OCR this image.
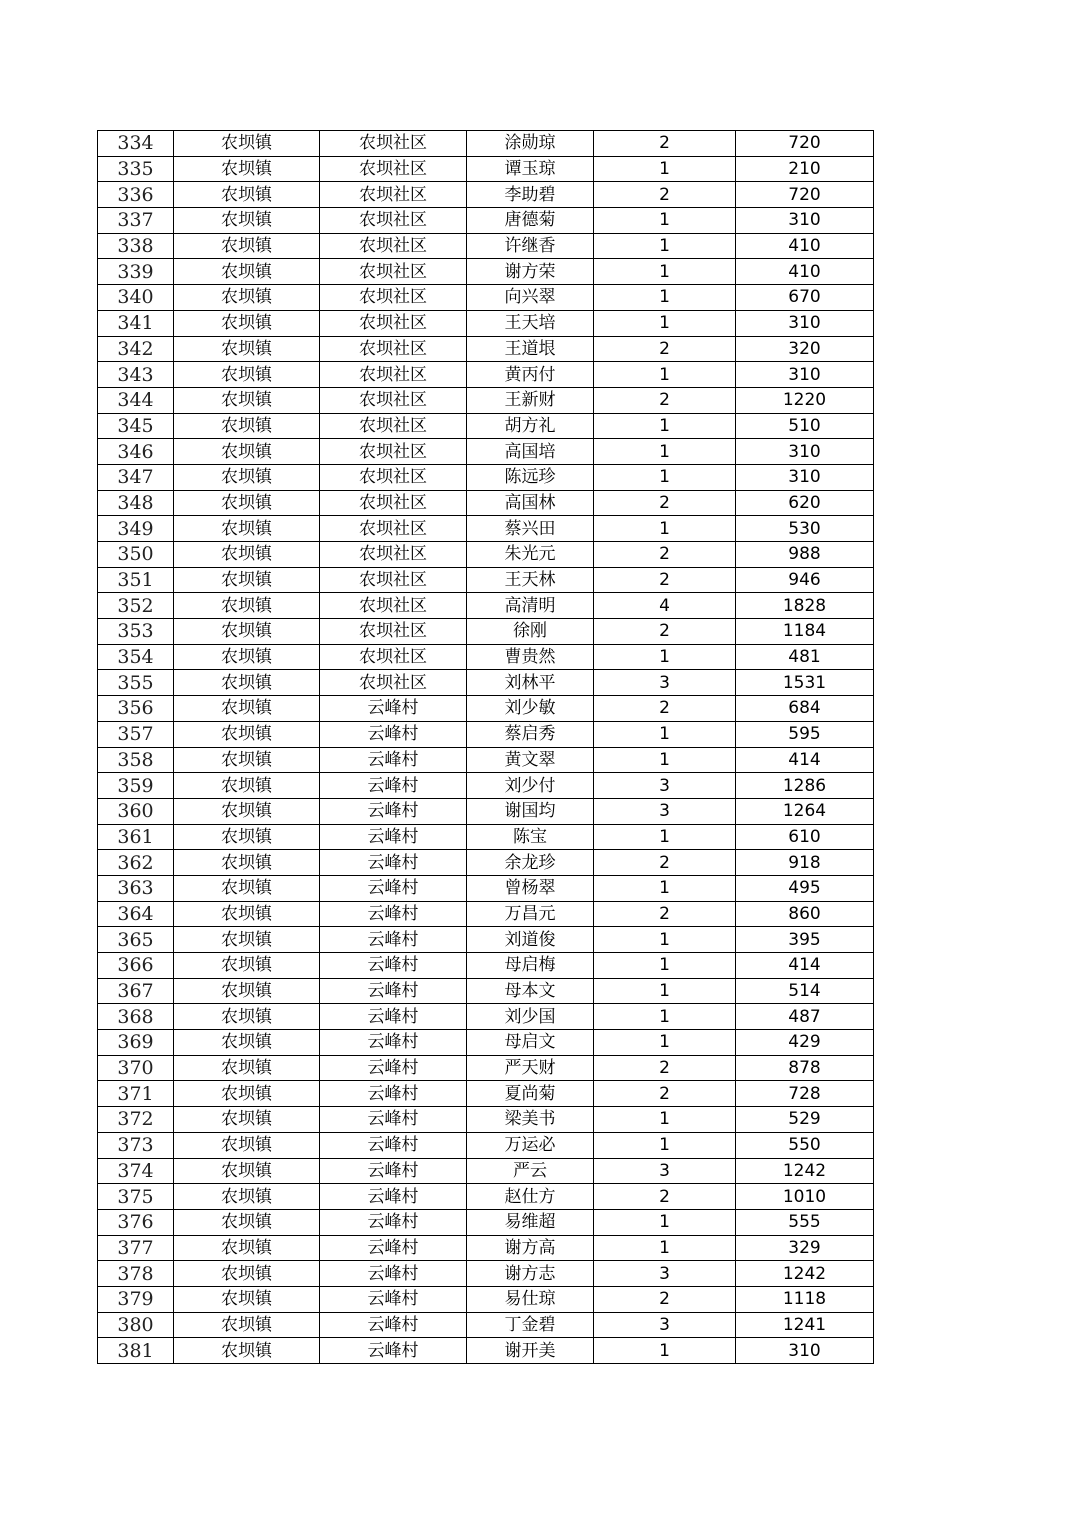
334	农坝镇	农坝社区	涂勋琼	2	720
335	农坝镇	农坝社区	谭玉琼	1	210
336	农坝镇	农坝社区	李助碧	2	720
337	农坝镇	农坝社区	唐德菊	1	310
338	农坝镇	农坝社区	许继香	1	410
339	农坝镇	农坝社区	谢方荣	1	410
340	农坝镇	农坝社区	向兴翠	1	670
341	农坝镇	农坝社区	王天培	1	310
342	农坝镇	农坝社区	王道垠	2	320
343	农坝镇	农坝社区	黄丙付	1	310
344	农坝镇	农坝社区	王新财	2	1220
345	农坝镇	农坝社区	胡方礼	1	510
346	农坝镇	农坝社区	高国培	1	310
347	农坝镇	农坝社区	陈远珍	1	310
348	农坝镇	农坝社区	高国林	2	620
349	农坝镇	农坝社区	蔡兴田	1	530
350	农坝镇	农坝社区	朱光元	2	988
351	农坝镇	农坝社区	王天林	2	946
352	农坝镇	农坝社区	高清明	4	1828
353	农坝镇	农坝社区	徐刚	2	1184
354	农坝镇	农坝社区	曹贵然	1	481
355	农坝镇	农坝社区	刘林平	3	1531
356	农坝镇	云峰村	刘少敏	2	684
357	农坝镇	云峰村	蔡启秀	1	595
358	农坝镇	云峰村	黄文翠	1	414
359	农坝镇	云峰村	刘少付	3	1286
360	农坝镇	云峰村	谢国均	3	1264
361	农坝镇	云峰村	陈宝	1	610
362	农坝镇	云峰村	余龙珍	2	918
363	农坝镇	云峰村	曾杨翠	1	495
364	农坝镇	云峰村	万昌元	2	860
365	农坝镇	云峰村	刘道俊	1	395
366	农坝镇	云峰村	母启梅	1	414
367	农坝镇	云峰村	母本文	1	514
368	农坝镇	云峰村	刘少国	1	487
369	农坝镇	云峰村	母启文	1	429
370	农坝镇	云峰村	严天财	2	878
371	农坝镇	云峰村	夏尚菊	2	728
372	农坝镇	云峰村	梁美书	1	529
373	农坝镇	云峰村	万运必	1	550
374	农坝镇	云峰村	严云	3	1242
375	农坝镇	云峰村	赵仕方	2	1010
376	农坝镇	云峰村	易维超	1	555
377	农坝镇	云峰村	谢方高	1	329
378	农坝镇	云峰村	谢方志	3	1242
379	农坝镇	云峰村	易仕琼	2	1118
380	农坝镇	云峰村	丁金碧	3	1241
381	农坝镇	云峰村	谢开美	1	310
